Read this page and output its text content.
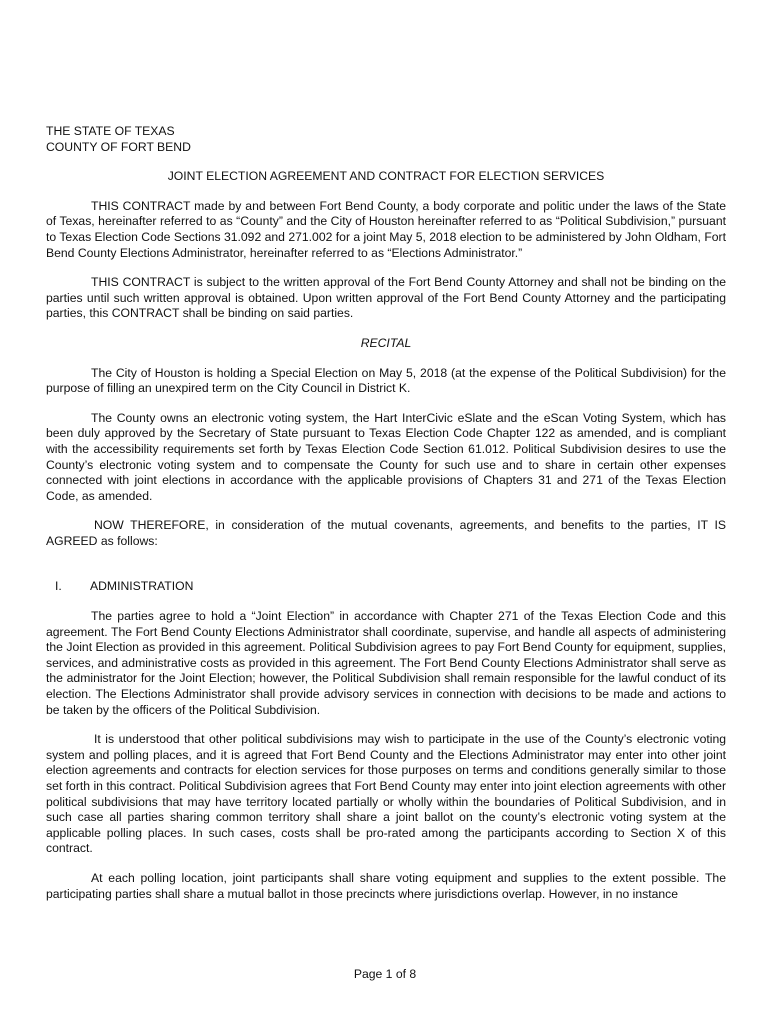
THE STATE OF TEXAS
COUNTY OF FORT BEND
JOINT ELECTION AGREEMENT AND CONTRACT FOR ELECTION SERVICES

THIS CONTRACT made by and between Fort Bend County, a body corporate and politic under the laws of the State of Texas, hereinafter referred to as “County” and the City of Houston hereinafter referred to as “Political Subdivision,” pursuant to Texas Election Code Sections 31.092 and 271.002 for a joint May 5, 2018 election to be administered by John Oldham, Fort Bend County Elections Administrator, hereinafter referred to as “Elections Administrator.”

THIS CONTRACT is subject to the written approval of the Fort Bend County Attorney and shall not be binding on the parties until such written approval is obtained. Upon written approval of the Fort Bend County Attorney and the participating parties, this CONTRACT shall be binding on said parties.

RECITAL

The City of Houston is holding a Special Election on May 5, 2018 (at the expense of the Political Subdivision) for the purpose of filling an unexpired term on the City Council in District K.

The County owns an electronic voting system, the Hart InterCivic eSlate and the eScan Voting System, which has been duly approved by the Secretary of State pursuant to Texas Election Code Chapter 122 as amended, and is compliant with the accessibility requirements set forth by Texas Election Code Section 61.012. Political Subdivision desires to use the County’s electronic voting system and to compensate the County for such use and to share in certain other expenses connected with joint elections in accordance with the applicable provisions of Chapters 31 and 271 of the Texas Election Code, as amended.

NOW THEREFORE, in consideration of the mutual covenants, agreements, and benefits to the parties, IT IS AGREED as follows:

I. ADMINISTRATION

The parties agree to hold a “Joint Election” in accordance with Chapter 271 of the Texas Election Code and this agreement. The Fort Bend County Elections Administrator shall coordinate, supervise, and handle all aspects of administering the Joint Election as provided in this agreement. Political Subdivision agrees to pay Fort Bend County for equipment, supplies, services, and administrative costs as provided in this agreement. The Fort Bend County Elections Administrator shall serve as the administrator for the Joint Election; however, the Political Subdivision shall remain responsible for the lawful conduct of its election. The Elections Administrator shall provide advisory services in connection with decisions to be made and actions to be taken by the officers of the Political Subdivision.

It is understood that other political subdivisions may wish to participate in the use of the County’s electronic voting system and polling places, and it is agreed that Fort Bend County and the Elections Administrator may enter into other joint election agreements and contracts for election services for those purposes on terms and conditions generally similar to those set forth in this contract. Political Subdivision agrees that Fort Bend County may enter into joint election agreements with other political subdivisions that may have territory located partially or wholly within the boundaries of Political Subdivision, and in such case all parties sharing common territory shall share a joint ballot on the county’s electronic voting system at the applicable polling places. In such cases, costs shall be pro-rated among the participants according to Section X of this contract.

At each polling location, joint participants shall share voting equipment and supplies to the extent possible. The participating parties shall share a mutual ballot in those precincts where jurisdictions overlap. However, in no instance

Page 1 of 8
